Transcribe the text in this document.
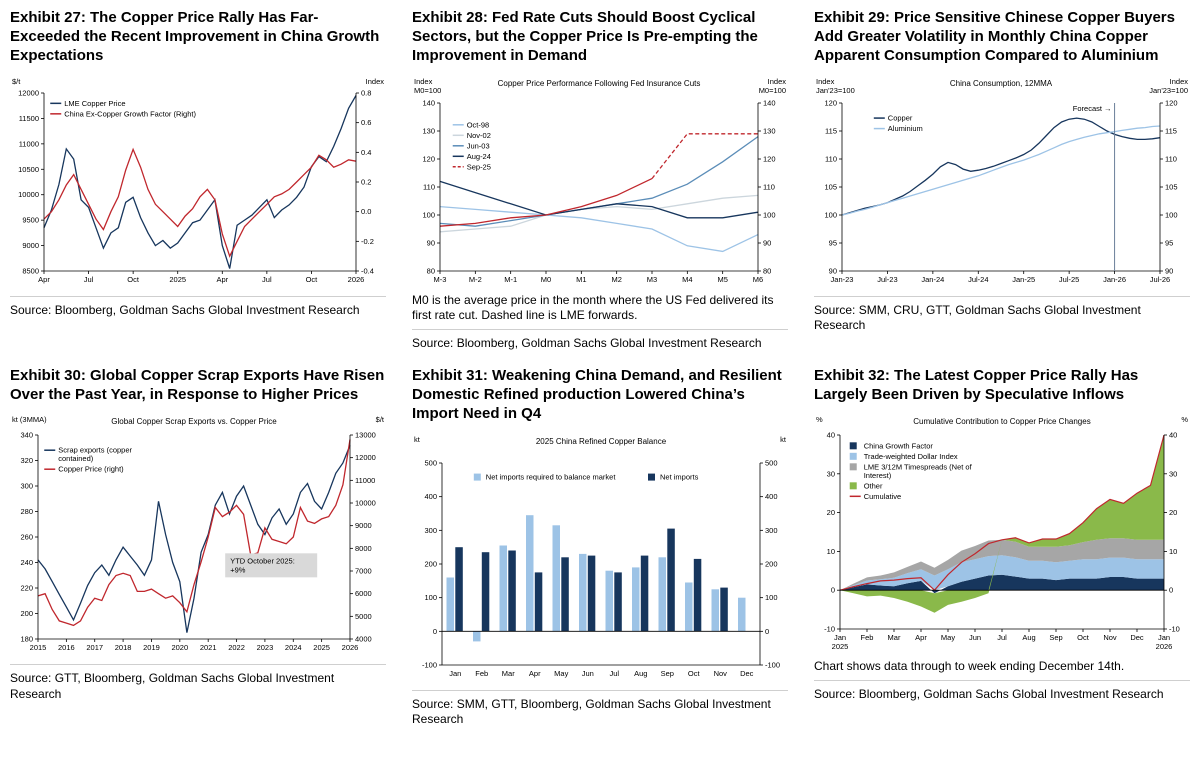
Exhibit 27: The Copper Price Rally Has Far-Exceeded the Recent Improvement in China Growth Expectations
8500
9000
9500
10000
10500
11000
11500
12000
-0.4
-0.2
0.0
0.2
0.4
0.6
0.8
$/t	Index
Apr	Jul	Oct	2025	Apr	Jul	Oct	2026
LME Copper Price
China Ex-Copper Growth Factor (Right)

Source: Bloomberg, Goldman Sachs Global Investment Research

Exhibit 28: Fed Rate Cuts Should Boost Cyclical Sectors, but the Copper Price Is Pre-empting the Improvement in Demand
80
90
100
110
120
130
140
80
90
100
110
120
130
140
Index
M0=100
Index
M0=100
M-3	M-2	M-1	M0	M1	M2	M3	M4	M5	M6
Copper Price Performance Following Fed Insurance Cuts
Oct-98
Nov-02
Jun-03
Aug-24
Sep-25

M0 is the average price in the month where the US Fed delivered its first rate cut. Dashed line is LME forwards.

Source: Bloomberg, Goldman Sachs Global Investment Research

Exhibit 29: Price Sensitive Chinese Copper Buyers Add Greater Volatility in Monthly China Copper Apparent Consumption Compared to Aluminium
90
95
100
105
110
115
120
90
95
100
105
110
115
120
Index
Jan'23=100
Index
Jan'23=100
Jan-23	Jul-23	Jan-24	Jul-24	Jan-25	Jul-25	Jan-26	Jul-26
China Consumption, 12MMA
Forecast →
Copper
Aluminium

Source: SMM, CRU, GTT, Goldman Sachs Global Investment Research

Exhibit 30: Global Copper Scrap Exports Have Risen Over the Past Year, in Response to Higher Prices
180
200
220
240
260
280
300
320
340
4000
5000
6000
7000
8000
9000
10000
11000
12000
13000
kt (3MMA)	$/t
2015 2016 2017 2018 2019 2020 2021 2022 2023 2024 2025 2026
Global Copper Scrap Exports vs. Copper Price
YTD October 2025:
+9%
Scrap exports (copper
contained)
Copper Price (right)

Source: GTT, Bloomberg, Goldman Sachs Global Investment Research

Exhibit 31: Weakening China Demand, and Resilient Domestic Refined production Lowered China’s Import Need in Q4
-100
0
100
200
300
400
500
-100
0
100
200
300
400
500
kt	kt
Jan Feb Mar Apr May Jun Jul Aug Sep Oct Nov Dec
2025 China Refined Copper Balance
Net imports required to balance market	Net imports

Source: SMM, GTT, Bloomberg, Goldman Sachs Global Investment Research

Exhibit 32: The Latest Copper Price Rally Has Largely Been Driven by Speculative Inflows
-10
0
10
20
30
40
-10
0
10
20
30
40
%	%
Jan
2025
Feb Mar Apr May Jun Jul Aug Sep Oct Nov Dec Jan
2026
Cumulative Contribution to Copper Price Changes
China Growth Factor
Trade-weighted Dollar Index
LME 3/12M Timespreads (Net of
Interest)
Other
Cumulative

Chart shows data through to week ending December 14th.

Source: Bloomberg, Goldman Sachs Global Investment Research
